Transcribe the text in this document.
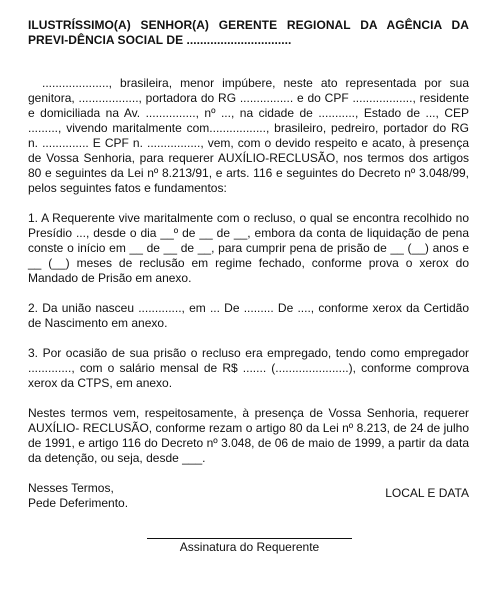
ILUSTRÍSSIMO(A) SENHOR(A) GERENTE REGIONAL DA AGÊNCIA DA PREVI-DÊNCIA SOCIAL DE ...............................
...................., brasileira, menor impúbere, neste ato representada por sua genitora, .................., portadora do RG ................ e do CPF .................., residente e domiciliada na Av. ..............., nº ..., na cidade de ..........., Estado de ..., CEP ........., vivendo maritalmente com................., brasileiro, pedreiro, portador do RG n. .............. E CPF n. ................, vem, com o devido respeito e acato, à presença de Vossa Senhoria, para requerer AUXÍLIO-RECLUSÃO, nos termos dos artigos 80 e seguintes da Lei nº 8.213/91, e arts. 116 e seguintes do Decreto nº 3.048/99, pelos seguintes fatos e fundamentos:
1. A Requerente vive maritalmente com o recluso, o qual se encontra recolhido no Presídio ..., desde o dia __º de __ de __, embora da conta de liquidação de pena conste o início em __ de __ de __, para cumprir pena de prisão de __ (__) anos e __ (__) meses de reclusão em regime fechado, conforme prova o xerox do Mandado de Prisão em anexo.
2. Da união nasceu ............., em ... De ......... De ...., conforme xerox da Certidão de Nascimento em anexo.
3. Por ocasião de sua prisão o recluso era empregado, tendo como empregador ............., com o salário mensal de R$ ....... (......................), conforme comprova xerox da CTPS, em anexo.
Nestes termos vem, respeitosamente, à presença de Vossa Senhoria, requerer AUXÍLIO- RECLUSÃO, conforme rezam o artigo 80 da Lei nº 8.213, de 24 de julho de 1991, e artigo 116 do Decreto nº 3.048, de 06 de maio de 1999, a partir da data da detenção, ou seja, desde ___.
Nesses Termos,
Pede Deferimento.
LOCAL E DATA
Assinatura do Requerente
